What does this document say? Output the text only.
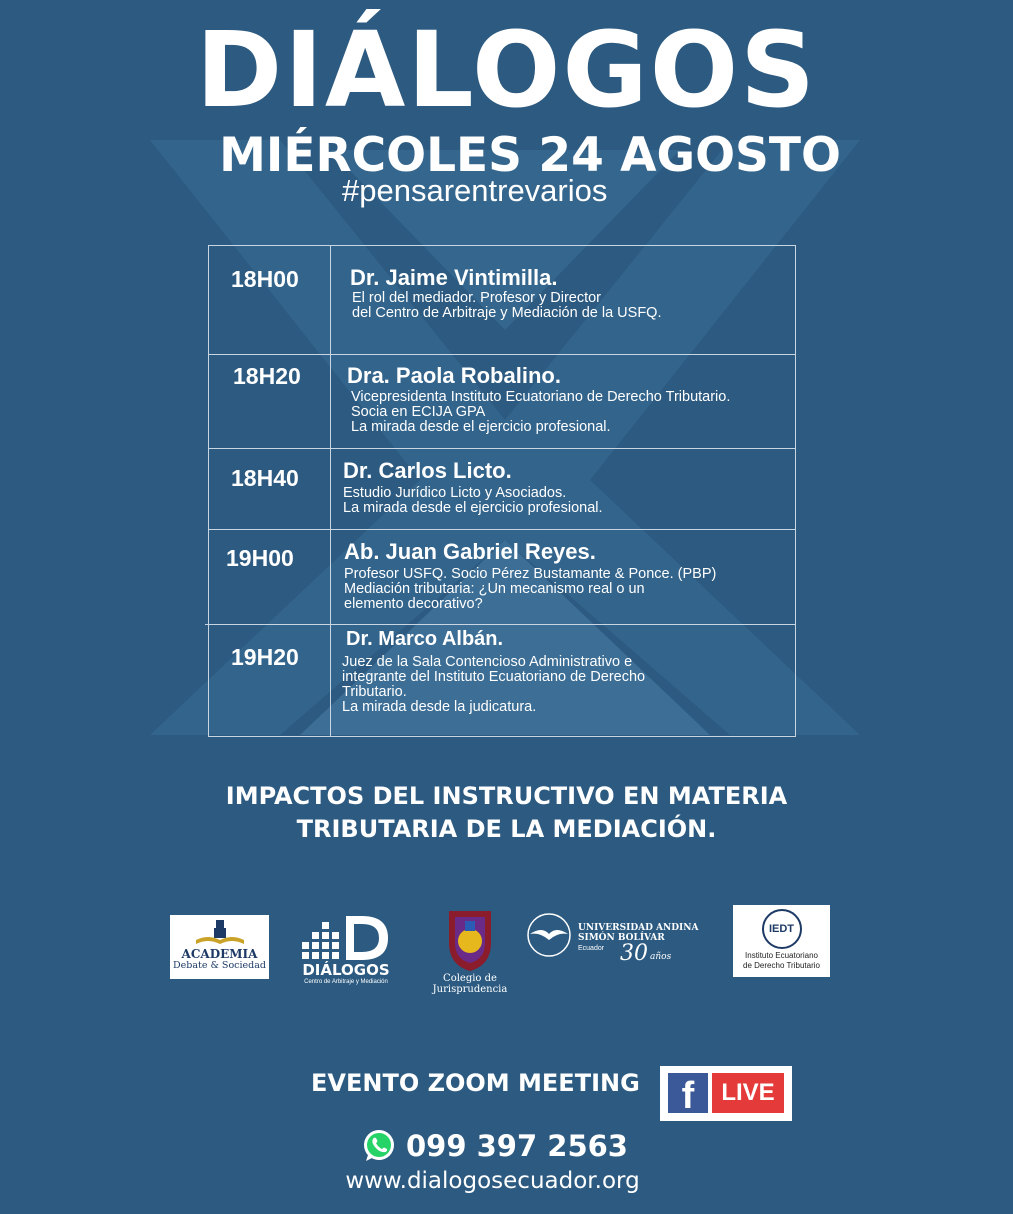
DIÁLOGOS
MIÉRCOLES 24 AGOSTO
#pensarentrevarios
18H00 Dr. Jaime Vintimilla.
El rol del mediador. Profesor y Director
del Centro de Arbitraje y Mediación de la USFQ.
18H20 Dra. Paola Robalino.
Vicepresidenta Instituto Ecuatoriano de Derecho Tributario.
Socia en ECIJA GPA
La mirada desde el ejercicio profesional.
18H40 Dr. Carlos Licto.
Estudio Jurídico Licto y Asociados.
La mirada desde el ejercicio profesional.
19H00 Ab. Juan Gabriel Reyes.
Profesor USFQ. Socio Pérez Bustamante & Ponce. (PBP)
Mediación tributaria: ¿Un mecanismo real o un
elemento decorativo?
19H20
Dr. Marco Albán.
Juez de la Sala Contencioso Administrativo e
integrante del Instituto Ecuatoriano de Derecho
Tributario.
La mirada desde la judicatura.
IMPACTOS DEL INSTRUCTIVO EN MATERIA
TRIBUTARIA DE LA MEDIACIÓN.
ACADEMIA
Debate & Sociedad	DIÁLOGOS
Centro de Arbitraje y Mediación	Colegio de
Jurisprudencia
UNIVERSIDAD ANDINA
SIMÓN BOLÍVAR
Ecuador 30 años
IEDT
Instituto Ecuatoriano
de Derecho Tributario
EVENTO ZOOM MEETING	f	LIVE
099 397 2563
www.dialogosecuador.org
